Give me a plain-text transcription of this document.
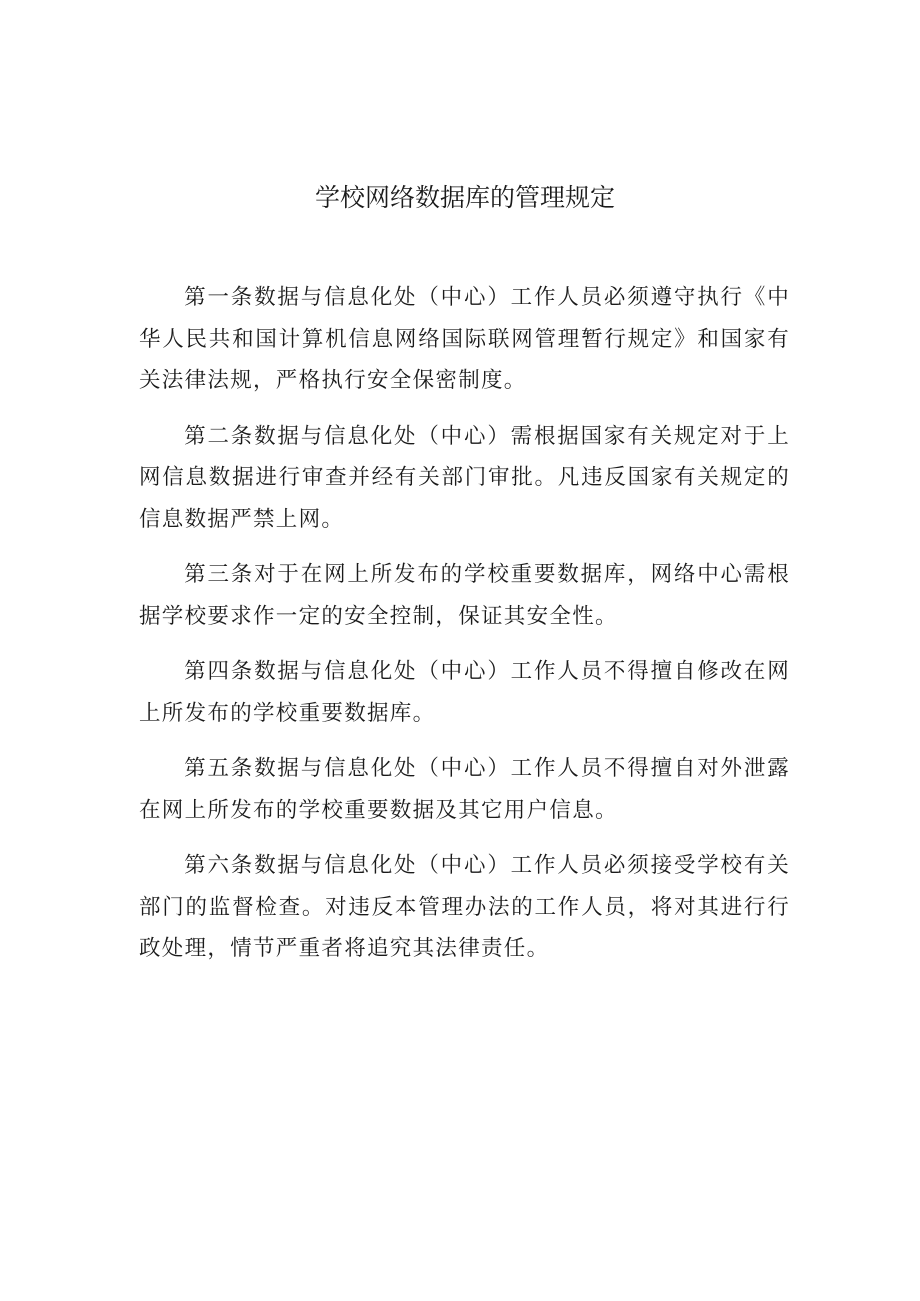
学校网络数据库的管理规定

第一条数据与信息化处（中心）工作人员必须遵守执行《中华人民共和国计算机信息网络国际联网管理暂行规定》和国家有关法律法规，严格执行安全保密制度。

第二条数据与信息化处（中心）需根据国家有关规定对于上网信息数据进行审查并经有关部门审批。凡违反国家有关规定的信息数据严禁上网。

第三条对于在网上所发布的学校重要数据库，网络中心需根据学校要求作一定的安全控制，保证其安全性。

第四条数据与信息化处（中心）工作人员不得擅自修改在网上所发布的学校重要数据库。

第五条数据与信息化处（中心）工作人员不得擅自对外泄露在网上所发布的学校重要数据及其它用户信息。

第六条数据与信息化处（中心）工作人员必须接受学校有关部门的监督检查。对违反本管理办法的工作人员，将对其进行行政处理，情节严重者将追究其法律责任。
